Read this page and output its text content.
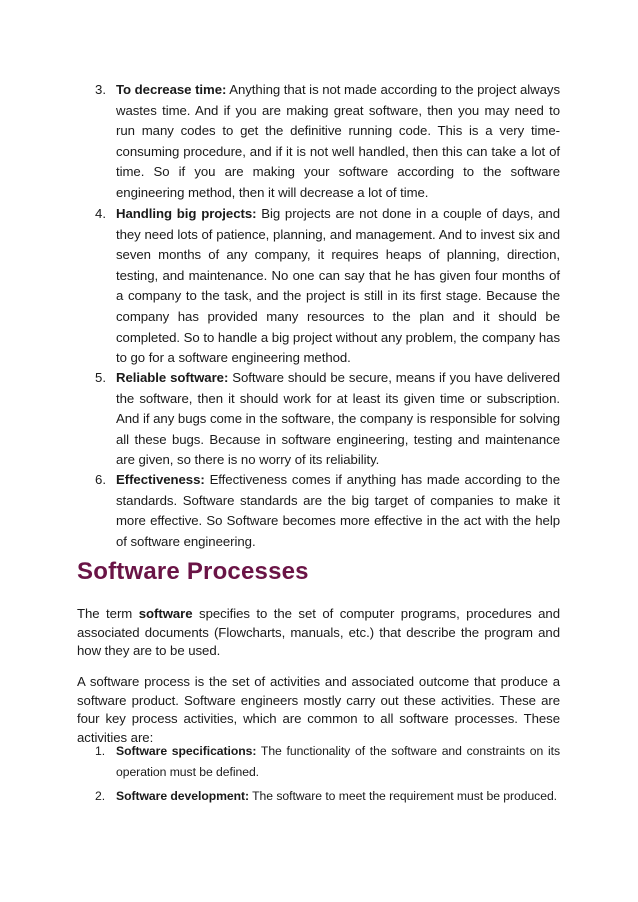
3. To decrease time: Anything that is not made according to the project always wastes time. And if you are making great software, then you may need to run many codes to get the definitive running code. This is a very time-consuming procedure, and if it is not well handled, then this can take a lot of time. So if you are making your software according to the software engineering method, then it will decrease a lot of time.
4. Handling big projects: Big projects are not done in a couple of days, and they need lots of patience, planning, and management. And to invest six and seven months of any company, it requires heaps of planning, direction, testing, and maintenance. No one can say that he has given four months of a company to the task, and the project is still in its first stage. Because the company has provided many resources to the plan and it should be completed. So to handle a big project without any problem, the company has to go for a software engineering method.
5. Reliable software: Software should be secure, means if you have delivered the software, then it should work for at least its given time or subscription. And if any bugs come in the software, the company is responsible for solving all these bugs. Because in software engineering, testing and maintenance are given, so there is no worry of its reliability.
6. Effectiveness: Effectiveness comes if anything has made according to the standards. Software standards are the big target of companies to make it more effective. So Software becomes more effective in the act with the help of software engineering.
Software Processes
The term software specifies to the set of computer programs, procedures and associated documents (Flowcharts, manuals, etc.) that describe the program and how they are to be used.
A software process is the set of activities and associated outcome that produce a software product. Software engineers mostly carry out these activities. These are four key process activities, which are common to all software processes. These activities are:
1. Software specifications: The functionality of the software and constraints on its operation must be defined.
2. Software development: The software to meet the requirement must be produced.
